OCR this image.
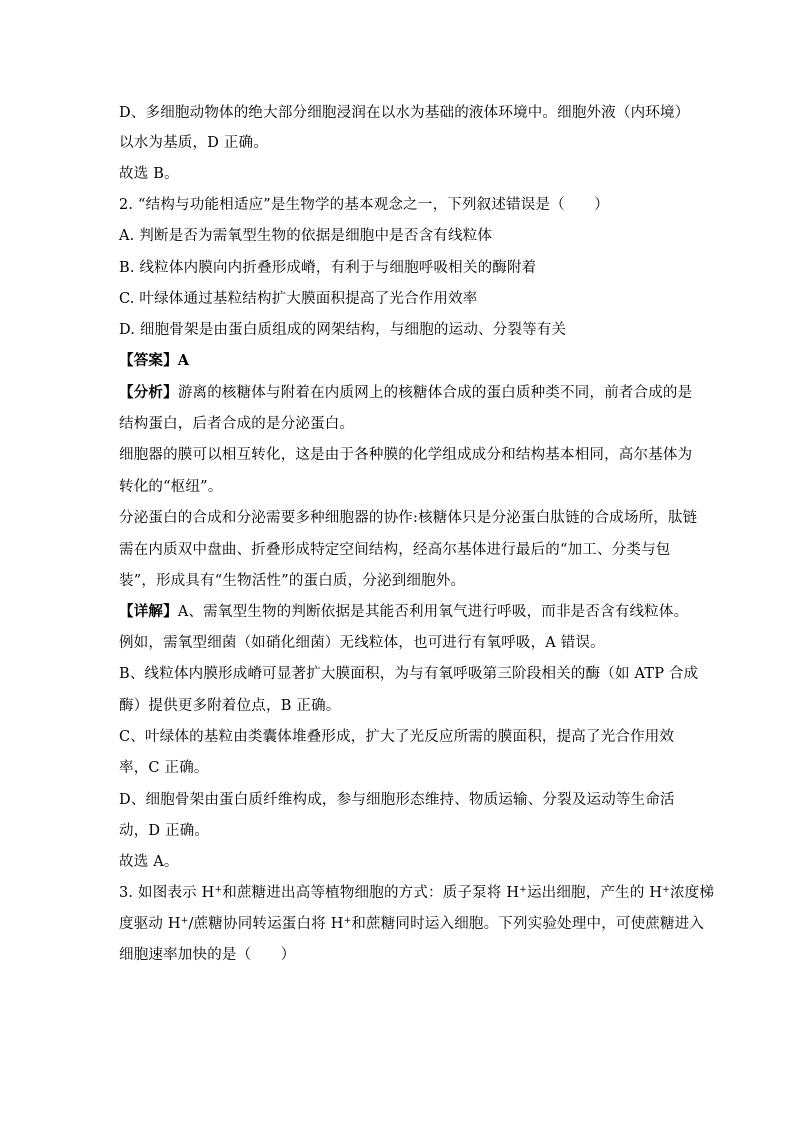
D、多细胞动物体的绝大部分细胞浸润在以水为基础的液体环境中。细胞外液（内环境）
以水为基质，D 正确。
故选 B。
2. “结构与功能相适应”是生物学的基本观念之一，下列叙述错误是（　　）
A. 判断是否为需氧型生物的依据是细胞中是否含有线粒体
B. 线粒体内膜向内折叠形成嵴，有利于与细胞呼吸相关的酶附着
C. 叶绿体通过基粒结构扩大膜面积提高了光合作用效率
D. 细胞骨架是由蛋白质组成的网架结构，与细胞的运动、分裂等有关
【答案】A
【分析】游离的核糖体与附着在内质网上的核糖体合成的蛋白质种类不同，前者合成的是
结构蛋白，后者合成的是分泌蛋白。
细胞器的膜可以相互转化，这是由于各种膜的化学组成成分和结构基本相同，高尔基体为
转化的“枢纽”。
分泌蛋白的合成和分泌需要多种细胞器的协作:核糖体只是分泌蛋白肽链的合成场所，肽链
需在内质双中盘曲、折叠形成特定空间结构，经高尔基体进行最后的“加工、分类与包
装”，形成具有“生物活性”的蛋白质，分泌到细胞外。
【详解】A、需氧型生物的判断依据是其能否利用氧气进行呼吸，而非是否含有线粒体。
例如，需氧型细菌（如硝化细菌）无线粒体，也可进行有氧呼吸，A 错误。
B、线粒体内膜形成嵴可显著扩大膜面积，为与有氧呼吸第三阶段相关的酶（如 ATP 合成
酶）提供更多附着位点，B 正确。
C、叶绿体的基粒由类囊体堆叠形成，扩大了光反应所需的膜面积，提高了光合作用效
率，C 正确。
D、细胞骨架由蛋白质纤维构成，参与细胞形态维持、物质运输、分裂及运动等生命活
动，D 正确。
故选 A。
3. 如图表示 H+和蔗糖进出高等植物细胞的方式：质子泵将 H+运出细胞，产生的 H+浓度梯
度驱动 H+/蔗糖协同转运蛋白将 H+和蔗糖同时运入细胞。下列实验处理中，可使蔗糖进入
细胞速率加快的是（　　）
